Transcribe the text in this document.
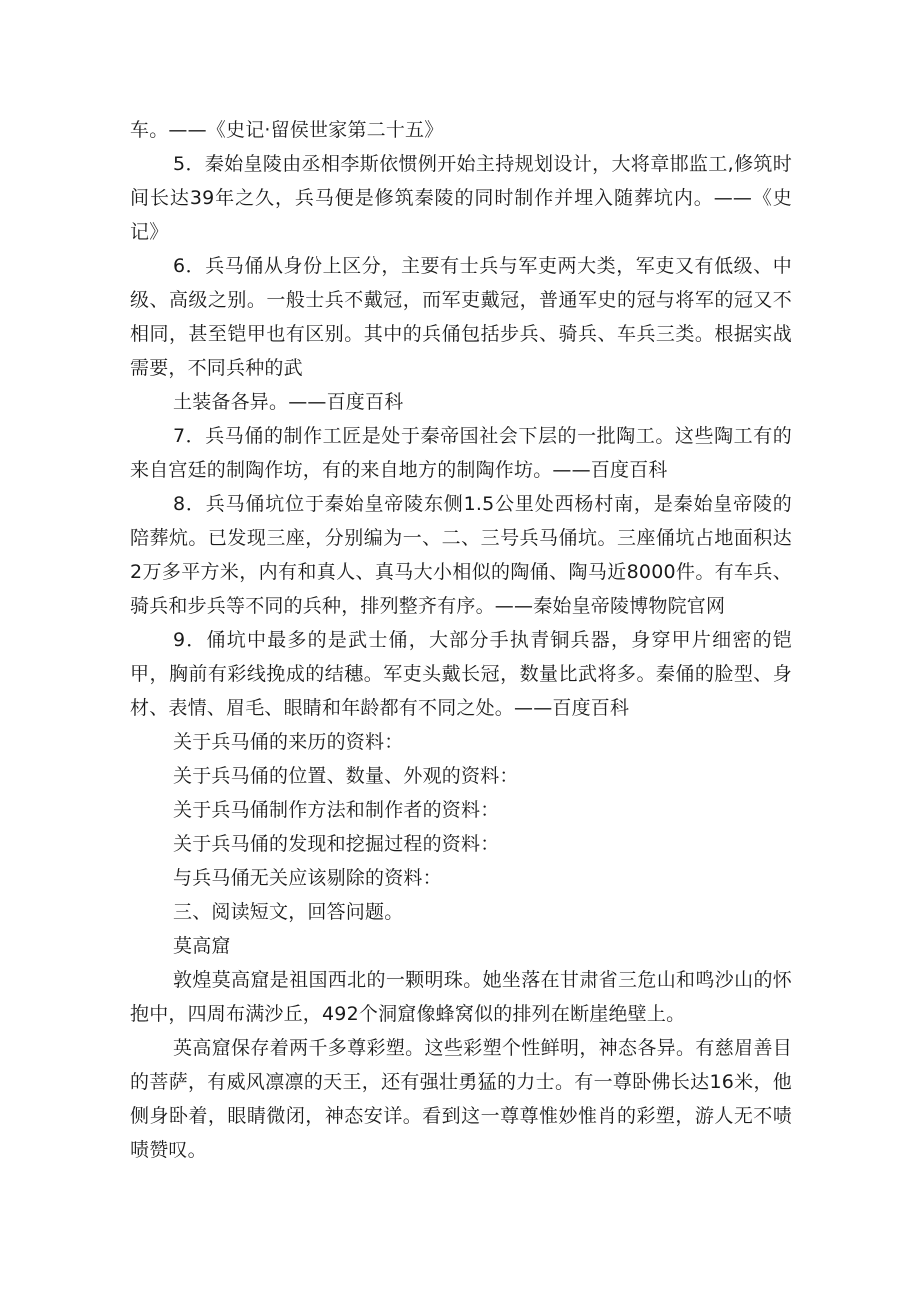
车。——《史记·留侯世家第二十五》

5．秦始皇陵由丞相李斯依惯例开始主持规划设计，大将章邯监工,修筑时间长达39年之久，兵马便是修筑秦陵的同时制作并埋入随葬坑内。——《史记》

6．兵马俑从身份上区分，主要有士兵与军吏两大类，军吏又有低级、中级、高级之别。一般士兵不戴冠，而军吏戴冠，普通军史的冠与将军的冠又不相同，甚至铠甲也有区别。其中的兵俑包括步兵、骑兵、车兵三类。根据实战需要，不同兵种的武

土装备各异。——百度百科

7．兵马俑的制作工匠是处于秦帝国社会下层的一批陶工。这些陶工有的来自宫廷的制陶作坊，有的来自地方的制陶作坊。——百度百科

8．兵马俑坑位于秦始皇帝陵东侧1.5公里处西杨村南，是秦始皇帝陵的陪葬炕。已发现三座，分别编为一、二、三号兵马俑坑。三座俑坑占地面积达2万多平方米，内有和真人、真马大小相似的陶俑、陶马近8000件。有车兵、骑兵和步兵等不同的兵种，排列整齐有序。——秦始皇帝陵博物院官网

9．俑坑中最多的是武士俑，大部分手执青铜兵器，身穿甲片细密的铠甲，胸前有彩线挽成的结穗。军吏头戴长冠，数量比武将多。秦俑的脸型、身材、表情、眉毛、眼睛和年龄都有不同之处。——百度百科

关于兵马俑的来历的资料：

关于兵马俑的位置、数量、外观的资料：

关于兵马俑制作方法和制作者的资料：

关于兵马俑的发现和挖掘过程的资料：

与兵马俑无关应该剔除的资料：

三、阅读短文，回答问题。

莫高窟

敦煌莫高窟是祖国西北的一颗明珠。她坐落在甘肃省三危山和鸣沙山的怀抱中，四周布满沙丘，492个洞窟像蜂窝似的排列在断崖绝壁上。

英高窟保存着两千多尊彩塑。这些彩塑个性鲜明，神态各异。有慈眉善目的菩萨，有威风凛凛的天王，还有强壮勇猛的力士。有一尊卧佛长达16米，他侧身卧着，眼睛微闭，神态安详。看到这一尊尊惟妙惟肖的彩塑，游人无不啧啧赞叹。
